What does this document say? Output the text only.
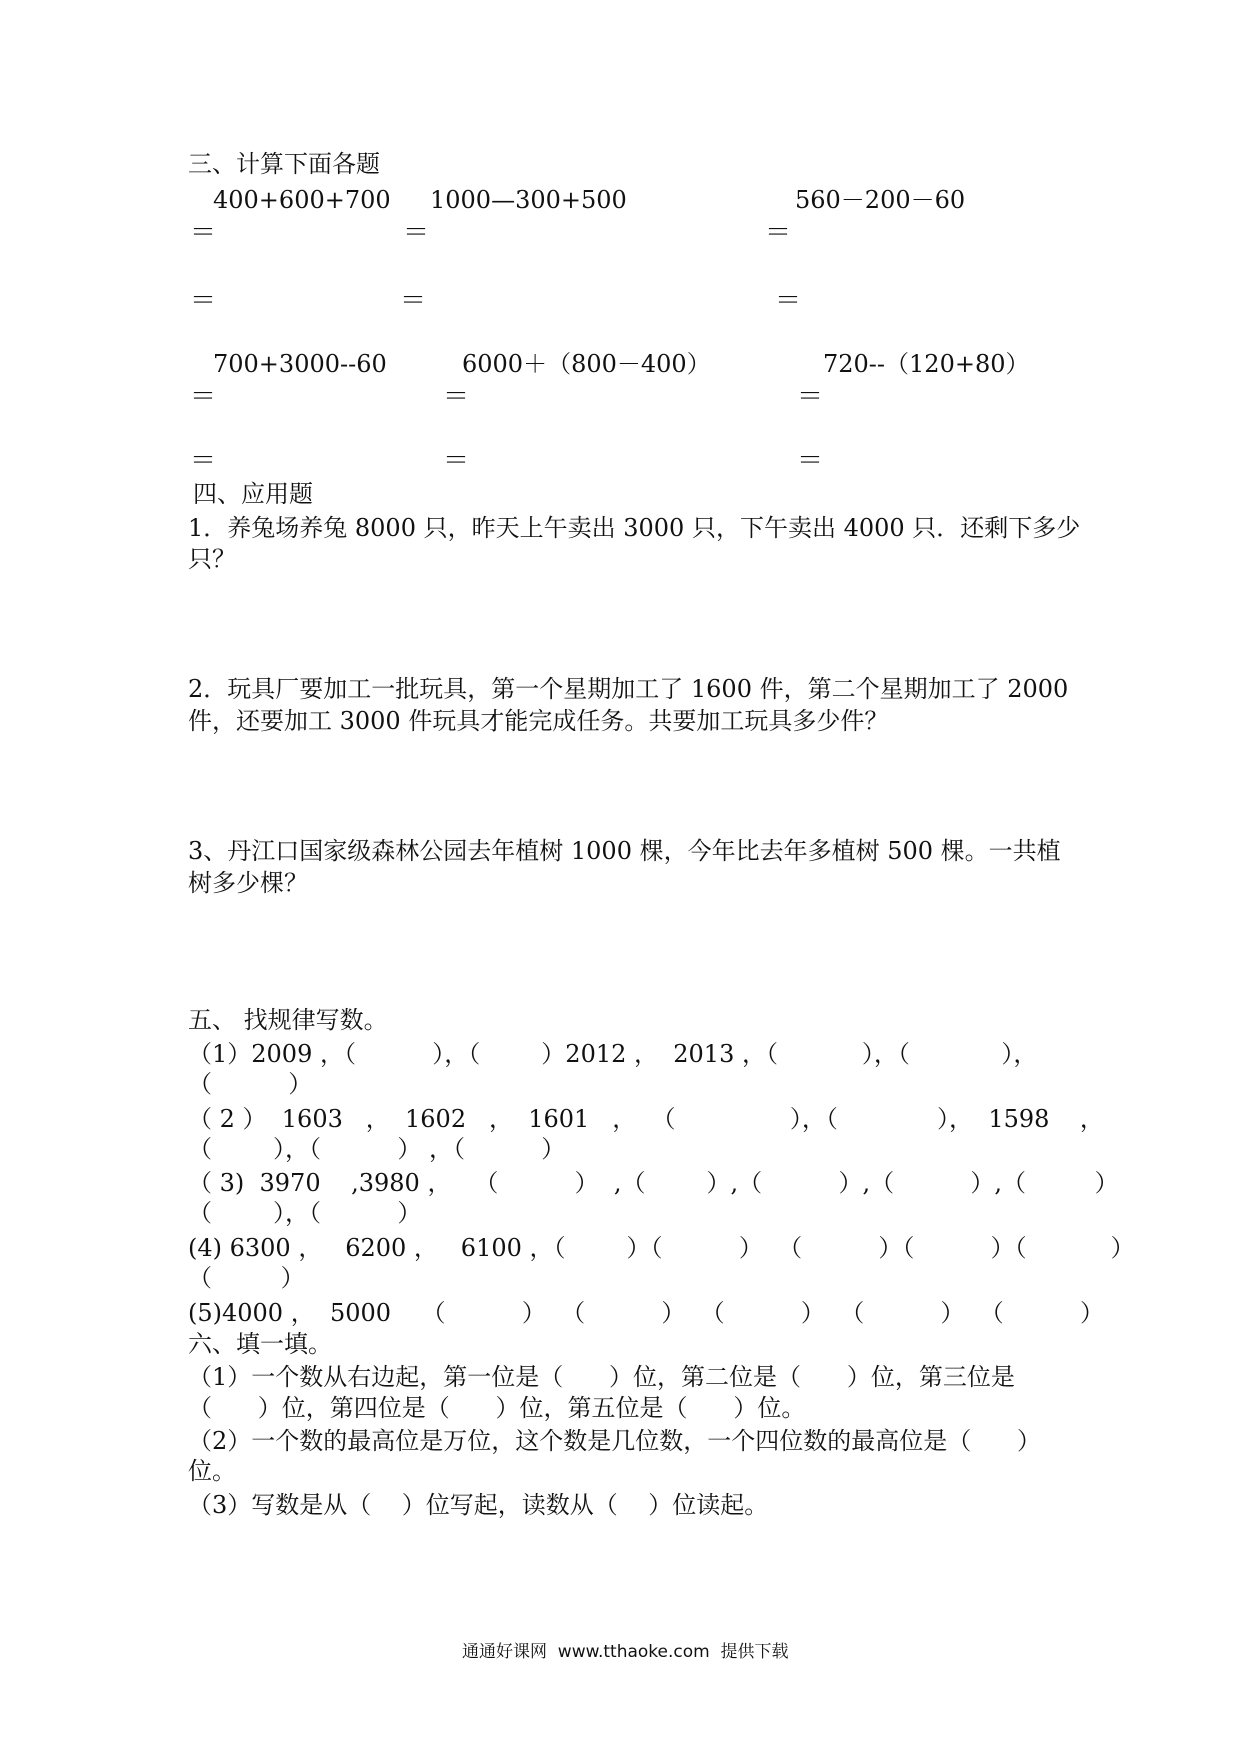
三、计算下面各题
400+600+700
＝
＝
1000—300+500
＝
＝
560－200－60
＝
＝
700+3000--60
＝
＝
6000＋（800－400）
＝
＝
720--（120+80）
＝
＝
四、应用题
1．养兔场养兔 8000 只，昨天上午卖出 3000 只，下午卖出 4000 只．还剩下多少
只？
2．玩具厂要加工一批玩具，第一个星期加工了 1600 件，第二个星期加工了 2000
件，还要加工 3000 件玩具才能完成任务。共要加工玩具多少件？
3、丹江口国家级森林公园去年植树 1000 棵，今年比去年多植树 500 棵。一共植
树多少棵？
五、 找规律写数。
（1）2009 ，（          ），（        ）2012 ，  2013 ，（           ），（            ），
（          ）
（ 2 ）  1603   ，  1602   ，  1601   ，  （               ），（             ），  1598    ，
（        ），（          ） ，（          ）
（ 3)  3970    ,3980 ，   （          ）  ,（        ）,（          ）,（          ）,（         ）
（        ），（          ）
(4) 6300 ，   6200 ，   6100 ，（        ）（          ）  （          ）（          ）（           ）
（         ）
(5)4000 ，  5000    （          ）  （          ）  （          ）  （          ）  （          ）
六、填一填。
（1）一个数从右边起，第一位是（      ）位，第二位是（      ）位，第三位是
（      ）位，第四位是（      ）位，第五位是（      ）位。
（2）一个数的最高位是万位，这个数是几位数，一个四位数的最高位是（      ）
位。
（3）写数是从（    ）位写起，读数从（    ）位读起。
通通好课网  www.tthaoke.com  提供下载
